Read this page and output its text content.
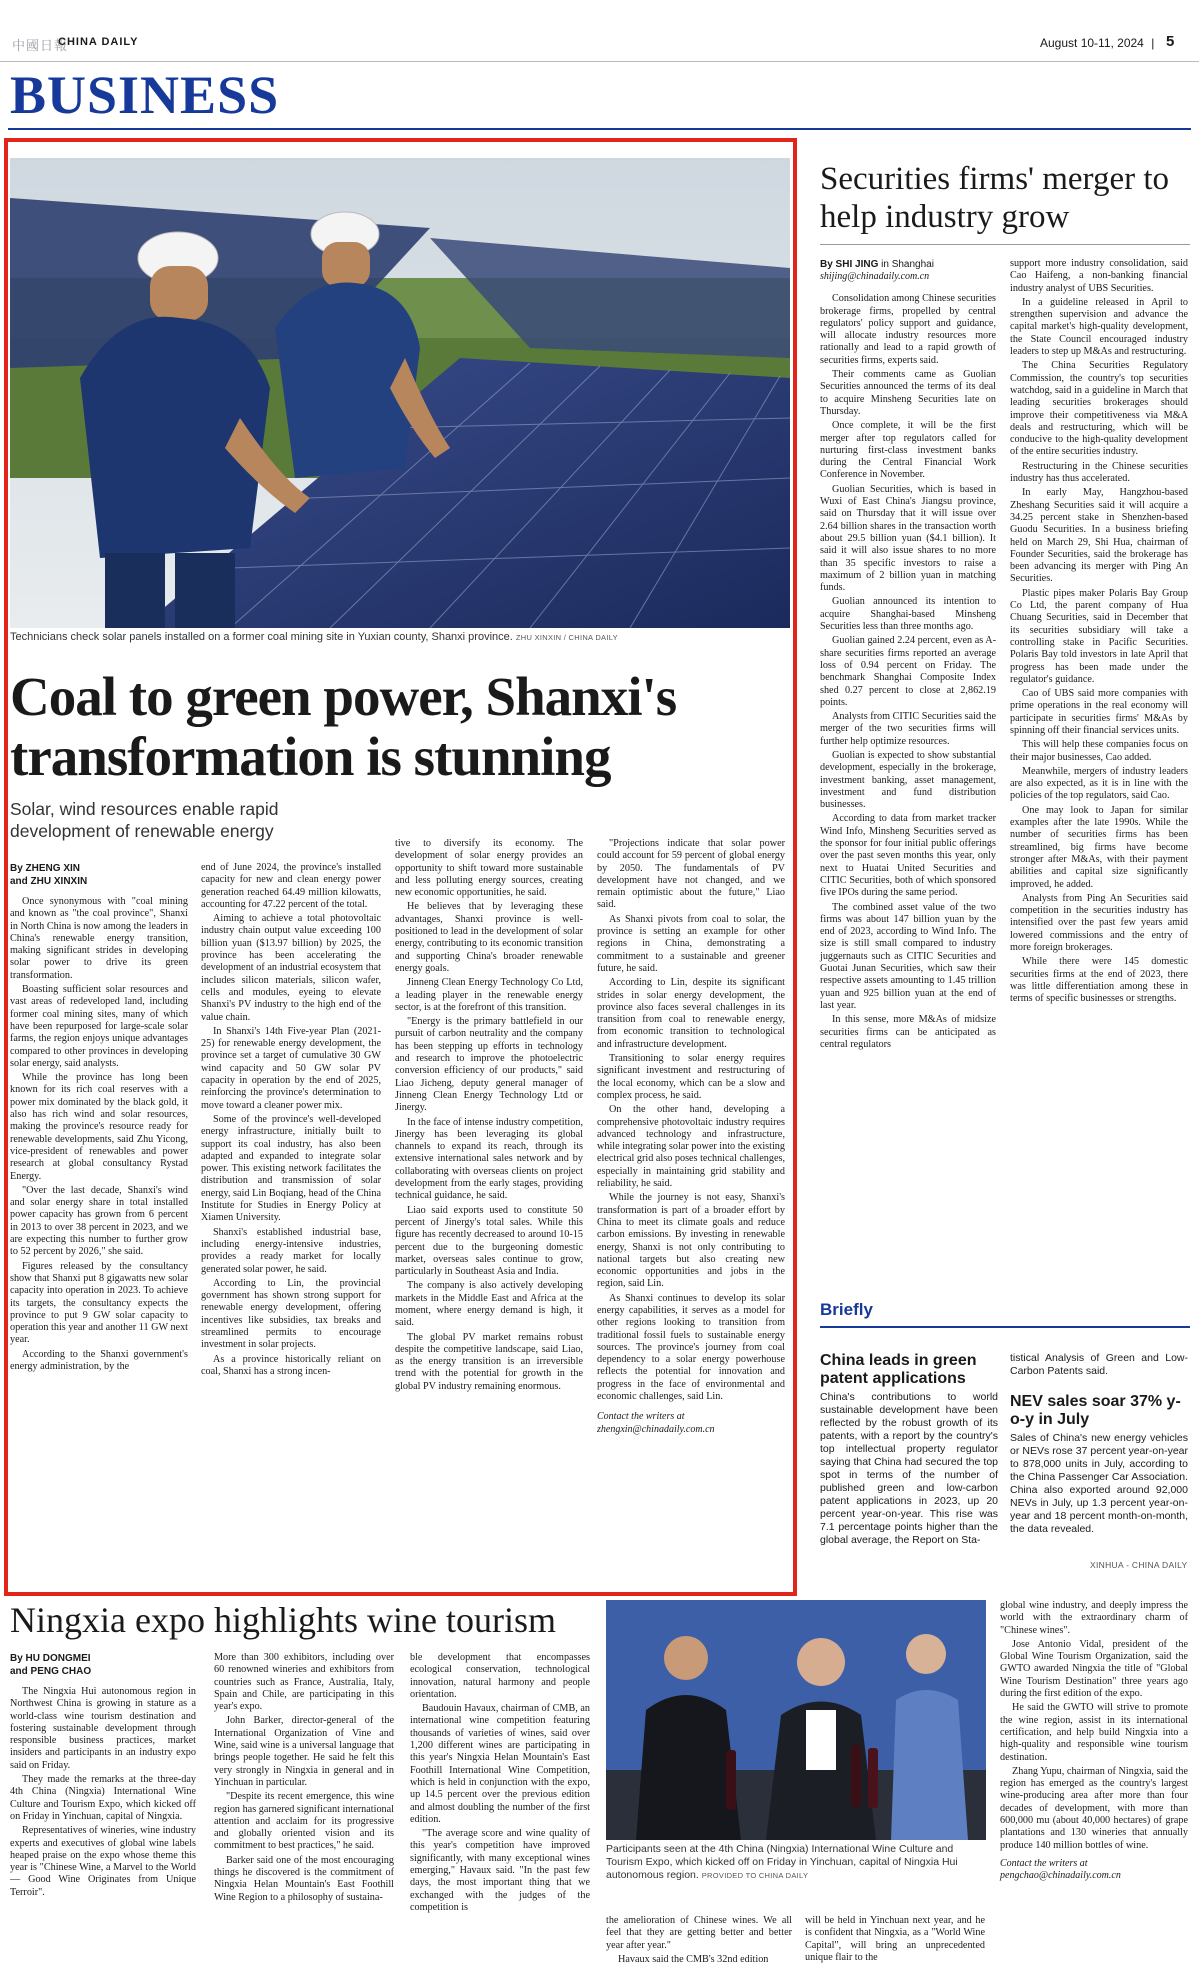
中國日報
CHINA DAILY	August 10-11, 2024 | 5
BUSINESS
Technicians check solar panels installed on a former coal mining site in Yuxian county, Shanxi province. ZHU XINXIN / CHINA DAILY
Coal to green power, Shanxi's transformation is stunning
Solar, wind resources enable rapid development of renewable energy
By ZHENG XIN
and ZHU XINXIN

Once synonymous with "coal mining and known as "the coal province", Shanxi in North China is now among the leaders in China's renewable energy transition, making significant strides in developing solar power to drive its green transformation.

Boasting sufficient solar resources and vast areas of redeveloped land, including former coal mining sites, many of which have been repurposed for large-scale solar farms, the region enjoys unique advantages compared to other provinces in developing solar energy, said analysts.

While the province has long been known for its rich coal reserves with a power mix dominated by the black gold, it also has rich wind and solar resources, making the province's resource ready for renewable developments, said Zhu Yicong, vice-president of renewables and power research at global consultancy Rystad Energy.

"Over the last decade, Shanxi's wind and solar energy share in total installed power capacity has grown from 6 percent in 2013 to over 38 percent in 2023, and we are expecting this number to further grow to 52 percent by 2026," she said.

Figures released by the consultancy show that Shanxi put 8 gigawatts new solar capacity into operation in 2023. To achieve its targets, the consultancy expects the province to put 9 GW solar capacity to operation this year and another 11 GW next year.

According to the Shanxi government's energy administration, by the

end of June 2024, the province's installed capacity for new and clean energy power generation reached 64.49 million kilowatts, accounting for 47.22 percent of the total.

Aiming to achieve a total photovoltaic industry chain output value exceeding 100 billion yuan ($13.97 billion) by 2025, the province has been accelerating the development of an industrial ecosystem that includes silicon materials, silicon wafer, cells and modules, eyeing to elevate Shanxi's PV industry to the high end of the value chain.

In Shanxi's 14th Five-year Plan (2021-25) for renewable energy development, the province set a target of cumulative 30 GW wind capacity and 50 GW solar PV capacity in operation by the end of 2025, reinforcing the province's determination to move toward a cleaner power mix.

Some of the province's well-developed energy infrastructure, initially built to support its coal industry, has also been adapted and expanded to integrate solar power. This existing network facilitates the distribution and transmission of solar energy, said Lin Boqiang, head of the China Institute for Studies in Energy Policy at Xiamen University.

Shanxi's established industrial base, including energy-intensive industries, provides a ready market for locally generated solar power, he said.

According to Lin, the provincial government has shown strong support for renewable energy development, offering incentives like subsidies, tax breaks and streamlined permits to encourage investment in solar projects.

As a province historically reliant on coal, Shanxi has a strong incen-

tive to diversify its economy. The development of solar energy provides an opportunity to shift toward more sustainable and less polluting energy sources, creating new economic opportunities, he said.

He believes that by leveraging these advantages, Shanxi province is well-positioned to lead in the development of solar energy, contributing to its economic transition and supporting China's broader renewable energy goals.

Jinneng Clean Energy Technology Co Ltd, a leading player in the renewable energy sector, is at the forefront of this transition.

"Energy is the primary battlefield in our pursuit of carbon neutrality and the company has been stepping up efforts in technology and research to improve the photoelectric conversion efficiency of our products," said Liao Jicheng, deputy general manager of Jinneng Clean Energy Technology Ltd or Jinergy.

In the face of intense industry competition, Jinergy has been leveraging its global channels to expand its reach, through its extensive international sales network and by collaborating with overseas clients on project development from the early stages, providing technical guidance, he said.

Liao said exports used to constitute 50 percent of Jinergy's total sales. While this figure has recently decreased to around 10-15 percent due to the burgeoning domestic market, overseas sales continue to grow, particularly in Southeast Asia and India.

The company is also actively developing markets in the Middle East and Africa at the moment, where energy demand is high, it said.

The global PV market remains robust despite the competitive landscape, said Liao, as the energy transition is an irreversible trend with the potential for growth in the global PV industry remaining enormous.

"Projections indicate that solar power could account for 59 percent of global energy by 2050. The fundamentals of PV development have not changed, and we remain optimistic about the future," Liao said.

As Shanxi pivots from coal to solar, the province is setting an example for other regions in China, demonstrating a commitment to a sustainable and greener future, he said.

According to Lin, despite its significant strides in solar energy development, the province also faces several challenges in its transition from coal to renewable energy, from economic transition to technological and infrastructure development.

Transitioning to solar energy requires significant investment and restructuring of the local economy, which can be a slow and complex process, he said.

On the other hand, developing a comprehensive photovoltaic industry requires advanced technology and infrastructure, while integrating solar power into the existing electrical grid also poses technical challenges, especially in maintaining grid stability and reliability, he said.

While the journey is not easy, Shanxi's transformation is part of a broader effort by China to meet its climate goals and reduce carbon emissions. By investing in renewable energy, Shanxi is not only contributing to national targets but also creating new economic opportunities and jobs in the region, said Lin.

As Shanxi continues to develop its solar energy capabilities, it serves as a model for other regions looking to transition from traditional fossil fuels to sustainable energy sources. The province's journey from coal dependency to a solar energy powerhouse reflects the potential for innovation and progress in the face of environmental and economic challenges, said Lin.

Contact the writers at
zhengxin@chinadaily.com.cn
Securities firms' merger to help industry grow
By SHI JING in Shanghai
shijing@chinadaily.com.cn

Consolidation among Chinese securities brokerage firms, propelled by central regulators' policy support and guidance, will allocate industry resources more rationally and lead to a rapid growth of securities firms, experts said.

Their comments came as Guolian Securities announced the terms of its deal to acquire Minsheng Securities late on Thursday.

Once complete, it will be the first merger after top regulators called for nurturing first-class investment banks during the Central Financial Work Conference in November.

Guolian Securities, which is based in Wuxi of East China's Jiangsu province, said on Thursday that it will issue over 2.64 billion shares in the transaction worth about 29.5 billion yuan ($4.1 billion). It said it will also issue shares to no more than 35 specific investors to raise a maximum of 2 billion yuan in matching funds.

Guolian announced its intention to acquire Shanghai-based Minsheng Securities less than three months ago.

Guolian gained 2.24 percent, even as A-share securities firms reported an average loss of 0.94 percent on Friday. The benchmark Shanghai Composite Index shed 0.27 percent to close at 2,862.19 points.

Analysts from CITIC Securities said the merger of the two securities firms will further help optimize resources.

Guolian is expected to show substantial development, especially in the brokerage, investment banking, asset management, investment and fund distribution businesses.

According to data from market tracker Wind Info, Minsheng Securities served as the sponsor for four initial public offerings over the past seven months this year, only next to Huatai United Securities and CITIC Securities, both of which sponsored five IPOs during the same period.

The combined asset value of the two firms was about 147 billion yuan by the end of 2023, according to Wind Info. The size is still small compared to industry juggernauts such as CITIC Securities and Guotai Junan Securities, which saw their respective assets amounting to 1.45 trillion yuan and 925 billion yuan at the end of last year.

In this sense, more M&As of midsize securities firms can be anticipated as central regulators

support more industry consolidation, said Cao Haifeng, a non-banking financial industry analyst of UBS Securities.

In a guideline released in April to strengthen supervision and advance the capital market's high-quality development, the State Council encouraged industry leaders to step up M&As and restructuring.

The China Securities Regulatory Commission, the country's top securities watchdog, said in a guideline in March that leading securities brokerages should improve their competitiveness via M&A deals and restructuring, which will be conducive to the high-quality development of the entire securities industry.

Restructuring in the Chinese securities industry has thus accelerated.

In early May, Hangzhou-based Zheshang Securities said it will acquire a 34.25 percent stake in Shenzhen-based Guodu Securities. In a business briefing held on March 29, Shi Hua, chairman of Founder Securities, said the brokerage has been advancing its merger with Ping An Securities.

Plastic pipes maker Polaris Bay Group Co Ltd, the parent company of Hua Chuang Securities, said in December that its securities subsidiary will take a controlling stake in Pacific Securities. Polaris Bay told investors in late April that progress has been made under the regulator's guidance.

Cao of UBS said more companies with prime operations in the real economy will participate in securities firms' M&As by spinning off their financial services units.

This will help these companies focus on their major businesses, Cao added.

Meanwhile, mergers of industry leaders are also expected, as it is in line with the policies of the top regulators, said Cao.

One may look to Japan for similar examples after the late 1990s. While the number of securities firms has been streamlined, big firms have become stronger after M&As, with their payment abilities and capital size significantly improved, he added.

Analysts from Ping An Securities said competition in the securities industry has intensified over the past few years amid lowered commissions and the entry of more foreign brokerages.

While there were 145 domestic securities firms at the end of 2023, there was little differentiation among these in terms of specific businesses or strengths.

Briefly
China leads in green patent applications
China's contributions to world sustainable development have been reflected by the robust growth of its patents, with a report by the country's top intellectual property regulator saying that China had secured the top spot in terms of the number of published green and low-carbon patent applications in 2023, up 20 percent year-on-year. This rise was 7.1 percentage points higher than the global average, the Report on Sta-
tistical Analysis of Green and Low-Carbon Patents said.
NEV sales soar 37% y-o-y in July
Sales of China's new energy vehicles or NEVs rose 37 percent year-on-year to 878,000 units in July, according to the China Passenger Car Association. China also exported around 92,000 NEVs in July, up 1.3 percent year-on-year and 18 percent month-on-month, the data revealed.
XINHUA - CHINA DAILY
Ningxia expo highlights wine tourism
By HU DONGMEI
and PENG CHAO

The Ningxia Hui autonomous region in Northwest China is growing in stature as a world-class wine tourism destination and fostering sustainable development through responsible business practices, market insiders and participants in an industry expo said on Friday.

They made the remarks at the three-day 4th China (Ningxia) International Wine Culture and Tourism Expo, which kicked off on Friday in Yinchuan, capital of Ningxia.

Representatives of wineries, wine industry experts and executives of global wine labels heaped praise on the expo whose theme this year is "Chinese Wine, a Marvel to the World — Good Wine Originates from Unique Terroir".

More than 300 exhibitors, including over 60 renowned wineries and exhibitors from countries such as France, Australia, Italy, Spain and Chile, are participating in this year's expo.

John Barker, director-general of the International Organization of Vine and Wine, said wine is a universal language that brings people together. He said he felt this very strongly in Ningxia in general and in Yinchuan in particular.

"Despite its recent emergence, this wine region has garnered significant international attention and acclaim for its progressive and globally oriented vision and its commitment to best practices," he said.

Barker said one of the most encouraging things he discovered is the commitment of Ningxia Helan Mountain's East Foothill Wine Region to a philosophy of sustaina-

ble development that encompasses ecological conservation, technological innovation, natural harmony and people orientation.

Baudouin Havaux, chairman of CMB, an international wine competition featuring thousands of varieties of wines, said over 1,200 different wines are participating in this year's Ningxia Helan Mountain's East Foothill International Wine Competition, which is held in conjunction with the expo, up 14.5 percent over the previous edition and almost doubling the number of the first edition.

"The average score and wine quality of this year's competition have improved significantly, with many exceptional wines emerging," Havaux said. "In the past few days, the most important thing that we exchanged with the judges of the competition is

Participants seen at the 4th China (Ningxia) International Wine Culture and Tourism Expo, which kicked off on Friday in Yinchuan, capital of Ningxia Hui autonomous region. PROVIDED TO CHINA DAILY

the amelioration of Chinese wines. We all feel that they are getting better and better year after year."

Havaux said the CMB's 32nd edition

will be held in Yinchuan next year, and he is confident that Ningxia, as a "World Wine Capital", will bring an unprecedented unique flair to the

global wine industry, and deeply impress the world with the extraordinary charm of "Chinese wines".

Jose Antonio Vidal, president of the Global Wine Tourism Organization, said the GWTO awarded Ningxia the title of "Global Wine Tourism Destination" three years ago during the first edition of the expo.

He said the GWTO will strive to promote the wine region, assist in its international certification, and help build Ningxia into a high-quality and responsible wine tourism destination.

Zhang Yupu, chairman of Ningxia, said the region has emerged as the country's largest wine-producing area after more than four decades of development, with more than 600,000 mu (about 40,000 hectares) of grape plantations and 130 wineries that annually produce 140 million bottles of wine.

Contact the writers at
pengchao@chinadaily.com.cn
